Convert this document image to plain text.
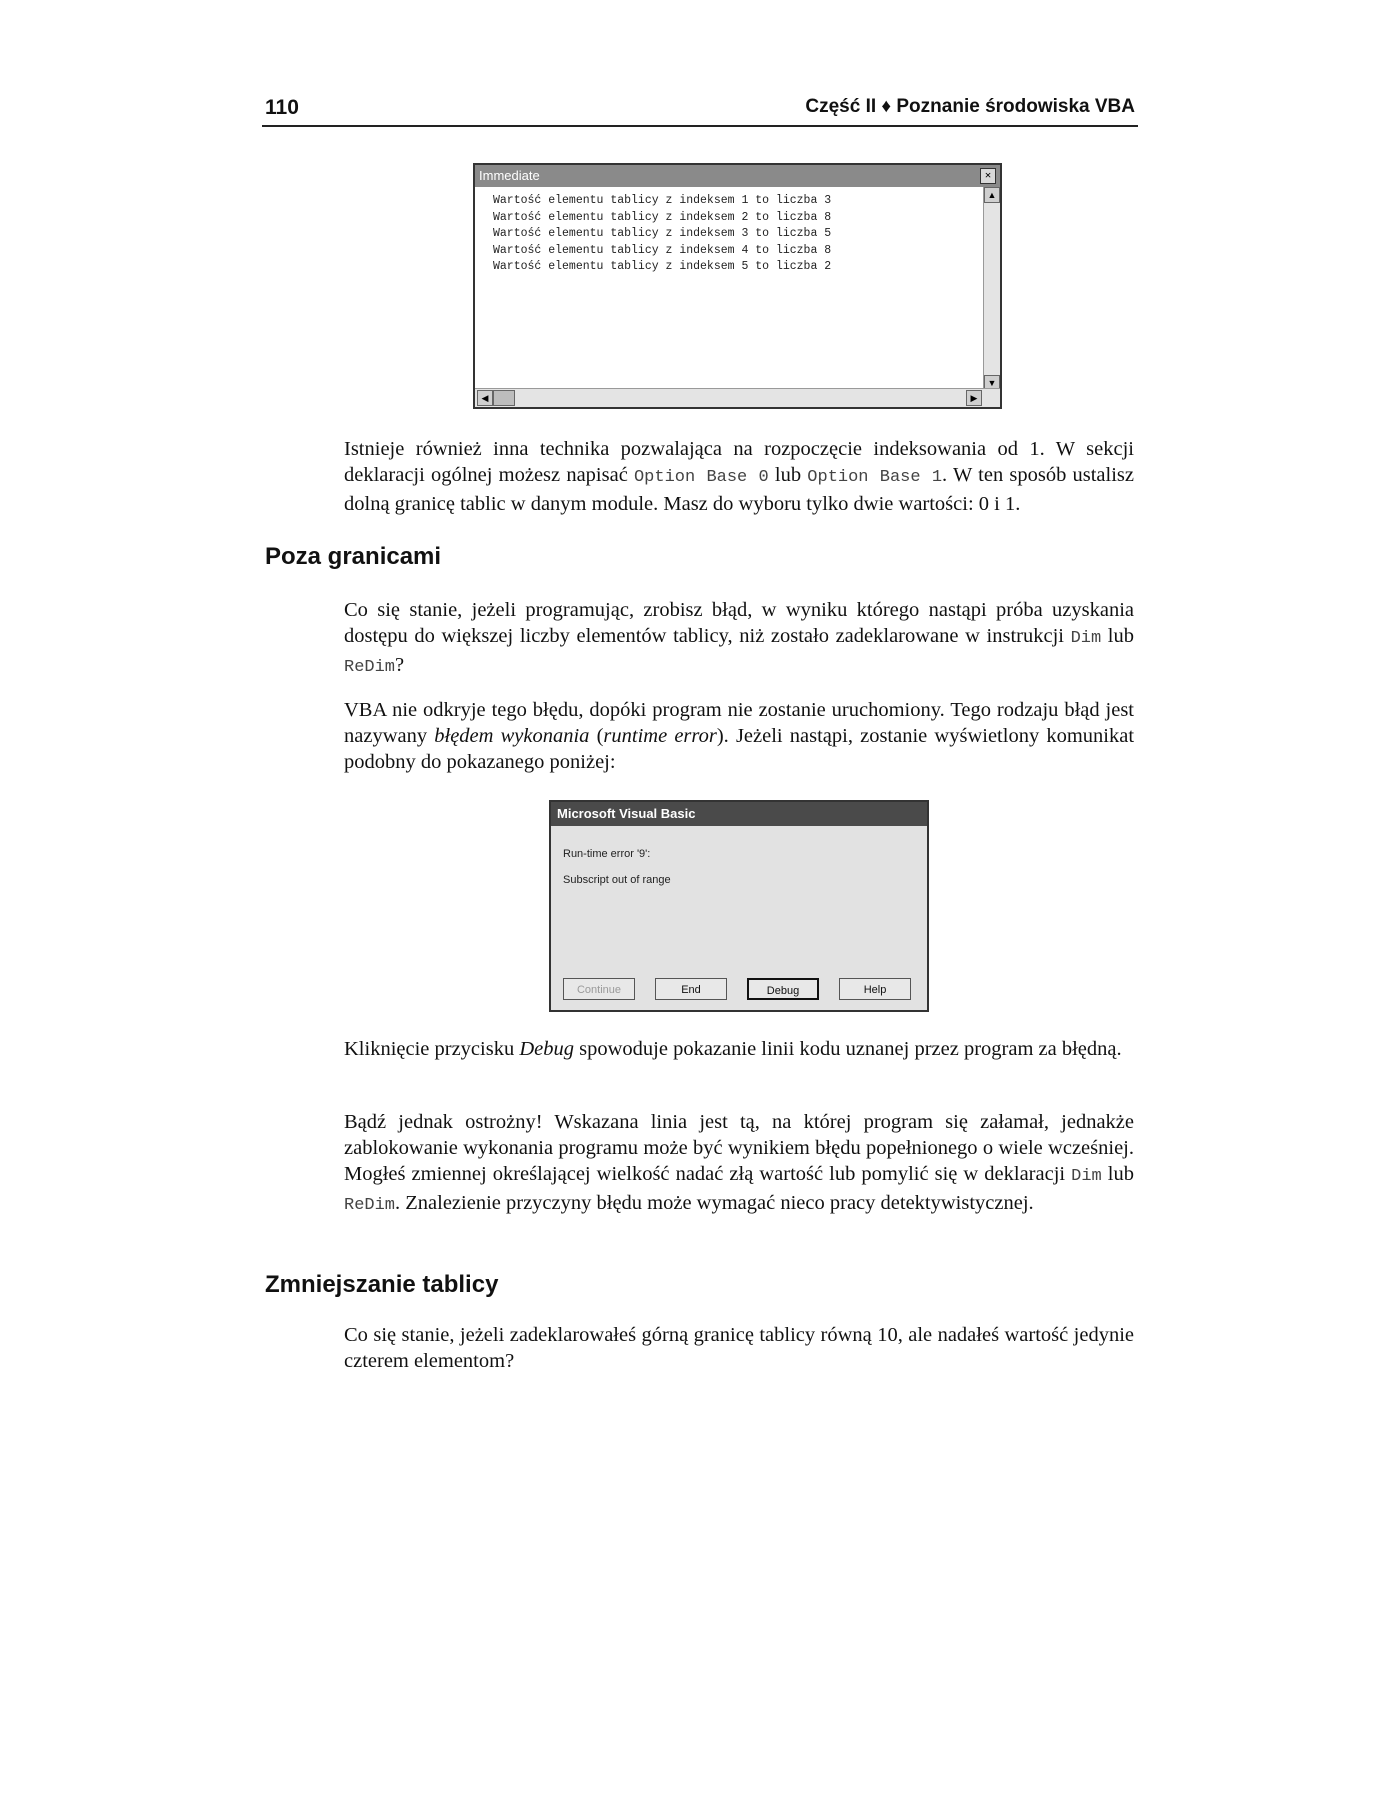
110	Część II ♦ Poznanie środowiska VBA
Immediate	×
Wartość elementu tablicy z indeksem 1 to liczba 3
Wartość elementu tablicy z indeksem 2 to liczba 8
Wartość elementu tablicy z indeksem 3 to liczba 5
Wartość elementu tablicy z indeksem 4 to liczba 8
Wartość elementu tablicy z indeksem 5 to liczba 2
▲
▼
◀	▶
Istnieje również inna technika pozwalająca na rozpoczęcie indeksowania od 1. W sekcji deklaracji ogólnej możesz napisać Option Base 0 lub Option Base 1. W ten sposób ustalisz dolną granicę tablic w danym module. Masz do wyboru tylko dwie wartości: 0 i 1.
Poza granicami
Co się stanie, jeżeli programując, zrobisz błąd, w wyniku którego nastąpi próba uzyskania dostępu do większej liczby elementów tablicy, niż zostało zadeklarowane w instrukcji Dim lub ReDim?
VBA nie odkryje tego błędu, dopóki program nie zostanie uruchomiony. Tego rodzaju błąd jest nazywany błędem wykonania (runtime error). Jeżeli nastąpi, zostanie wyświetlony komunikat podobny do pokazanego poniżej:
Microsoft Visual Basic
Run-time error '9':
Subscript out of range
Continue	End	Debug	Help
Kliknięcie przycisku Debug spowoduje pokazanie linii kodu uznanej przez program za błędną.
Bądź jednak ostrożny! Wskazana linia jest tą, na której program się załamał, jednakże zablokowanie wykonania programu może być wynikiem błędu popełnionego o wiele wcześniej. Mogłeś zmiennej określającej wielkość nadać złą wartość lub pomylić się w deklaracji Dim lub ReDim. Znalezienie przyczyny błędu może wymagać nieco pracy detektywistycznej.
Zmniejszanie tablicy
Co się stanie, jeżeli zadeklarowałeś górną granicę tablicy równą 10, ale nadałeś wartość jedynie czterem elementom?
